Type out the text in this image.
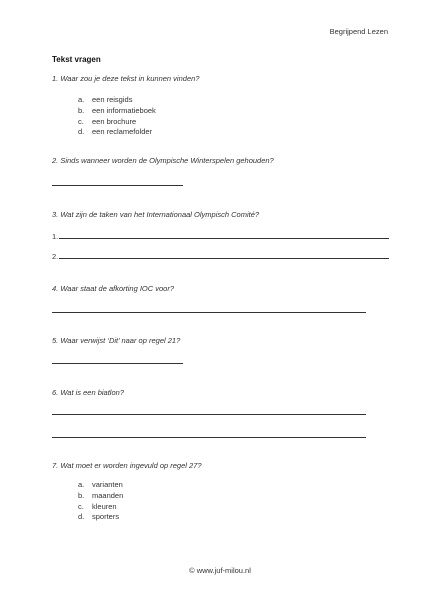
Begrijpend Lezen
Tekst vragen
1. Waar zou je deze tekst in kunnen vinden?
a.	een reisgids
b.	een informatieboek
c.	een brochure
d.	een reclamefolder
2. Sinds wanneer worden de Olympische Winterspelen gehouden?
3. Wat zijn de taken van het Internationaal Olympisch Comité?
1.
2.
4. Waar staat de afkorting IOC voor?
5. Waar verwijst ‘Dit’ naar op regel 21?
6. Wat is een biatlon?
7. Wat moet er worden ingevuld op regel 27?
a.	varianten
b.	maanden
c.	kleuren
d.	sporters
© www.juf-milou.nl
